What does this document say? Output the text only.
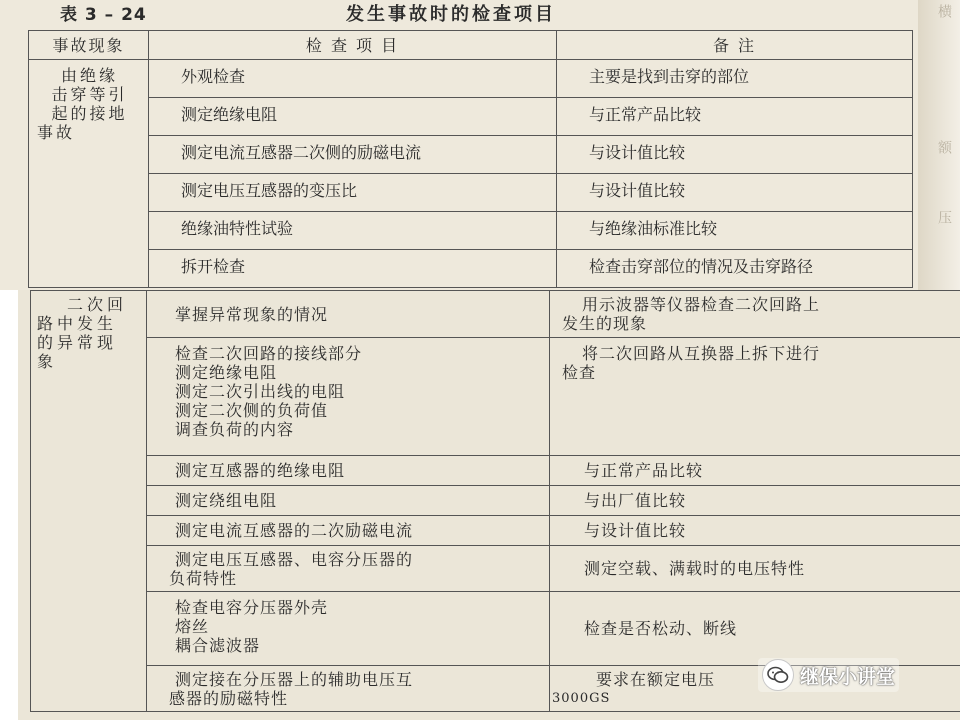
横
额
压
表 3 – 24	发生事故时的检查项目
事故现象	检 查 项 目	备 注

由绝缘
击穿等引
起的接地
事故	外观检查	主要是找到击穿的部位
	测定绝缘电阻	与正常产品比较
	测定电流互感器二次侧的励磁电流	与设计值比较
	测定电压互感器的变压比	与设计值比较
	绝缘油特性试验	与绝缘油标准比较
	拆开检查	检查击穿部位的情况及击穿路径
二次回
路中发生
的异常现
象	掌握异常现象的情况	用示波器等仪器检查二次回路上
发生的现象

	检查二次回路的接线部分
测定绝缘电阻
测定二次引出线的电阻
测定二次侧的负荷值
调查负荷的内容	将二次回路从互换器上拆下进行
检查

	测定互感器的绝缘电阻	与正常产品比较
	测定绕组电阻	与出厂值比较
	测定电流互感器的二次励磁电流	与设计值比较

	测定电压互感器、电容分压器的
负荷特性	测定空载、满载时的电压特性

	检查电容分压器外壳
熔丝
耦合滤波器	检查是否松动、断线

	测定接在分压器上的辅助电压互
感器的励磁特性	要求在额定电压
3000GS
继保小讲堂
